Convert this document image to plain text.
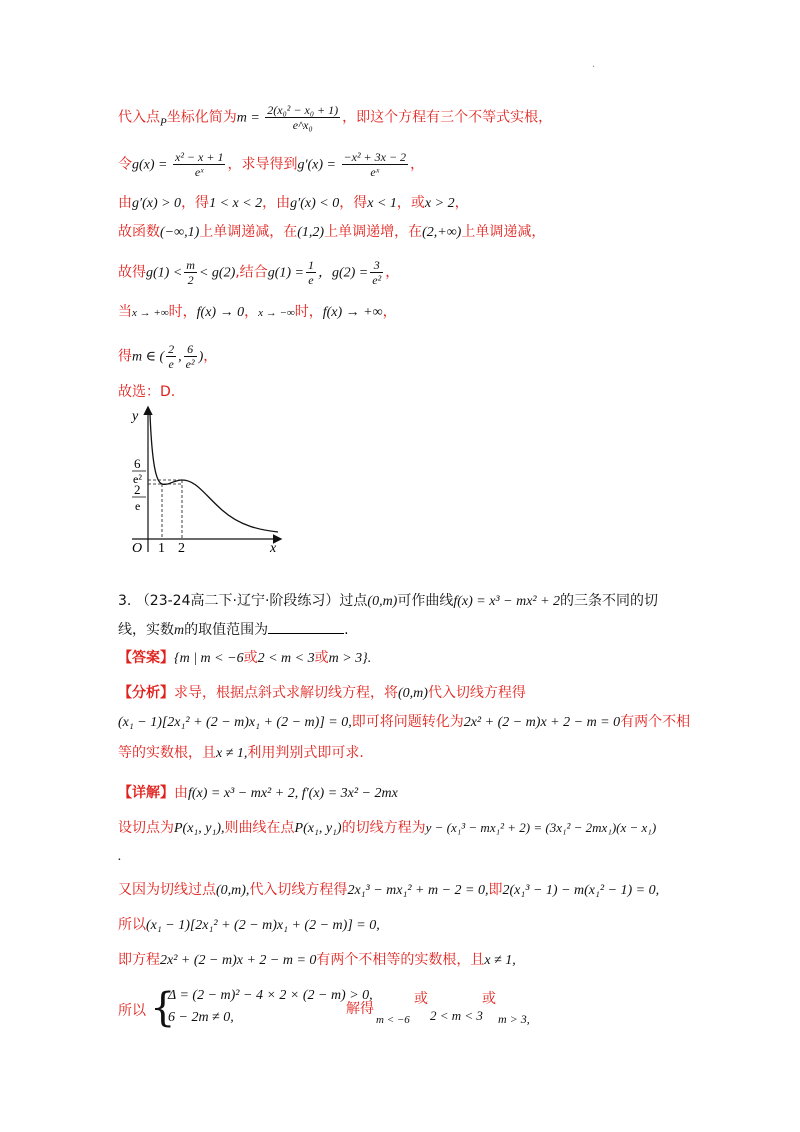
·
代入点$_P$坐标化简为$m = \frac{\text{2(x₀² − x₀ + 1)}}{\text{e\textasciicircum{}x₀}}$ ，即这个方程有三个不等式实根，
令$g(x) = \frac{\text{x² − x + 1}}{\text{eˣ}}$ ，求导得到$g'(x) = \frac{\text{−x² + 3x − 2}}{\text{eˣ}}$ ，
由g′(x) > 0，得1 < x < 2，由g′(x) < 0，得x < 1，或x > 2，
故函数(−∞,1)上单调递减，在(1,2)上单调递增，在(2,+∞)上单调递减，
故得$g(1) < \frac{m}{2} < g(2)$,结合$g(1) = \frac{1}{e}$ ，$g(2) = \frac{3}{\text{e²}}$ ，
当x → +∞时，f(x) → 0，x → −∞时，f(x) → +∞，
得m ∈ ( $\frac{2}{e}$ , $\frac{6}{\text{e²}}$ )，
故选：D.
y
x
O 1 2
6
e²
2
e
3. （23-24高二下·辽宁·阶段练习）过点(0,m)可作曲线f(x) = x³ − mx² + 2的三条不同的切
线，实数m的取值范围为	.
【答案】{m | m < −6或2 < m < 3或m > 3}.
【分析】求导，根据点斜式求解切线方程，将(0,m)代入切线方程得
(x₁ − 1)[2x₁² + (2 − m)x₁ + (2 − m)] = 0,即可将问题转化为2x² + (2 − m)x + 2 − m = 0有两个不相
等的实数根，且x ≠ 1,利用判别式即可求.
【详解】由f(x) = x³ − mx² + 2, f′(x) = 3x² − 2mx
设切点为P(x₁, y₁),则曲线在点P(x₁, y₁)的切线方程为y − (x₁³ − mx₁² + 2) = (3x₁² − 2mx₁)(x − x₁)
.
又因为切线过点(0,m),代入切线方程得2x₁³ − mx₁² + m − 2 = 0,即2(x₁³ − 1) − m(x₁² − 1) = 0,
所以(x₁ − 1)[2x₁² + (2 − m)x₁ + (2 − m)] = 0,
即方程2x² + (2 − m)x + 2 − m = 0有两个不相等的实数根，且x ≠ 1,
所以 {
Δ = (2 − m)² − 4 × 2 × (2 − m) > 0,
6 − 2m ≠ 0,
解得
或	或
m < −6 2 < m < 3 m > 3,
